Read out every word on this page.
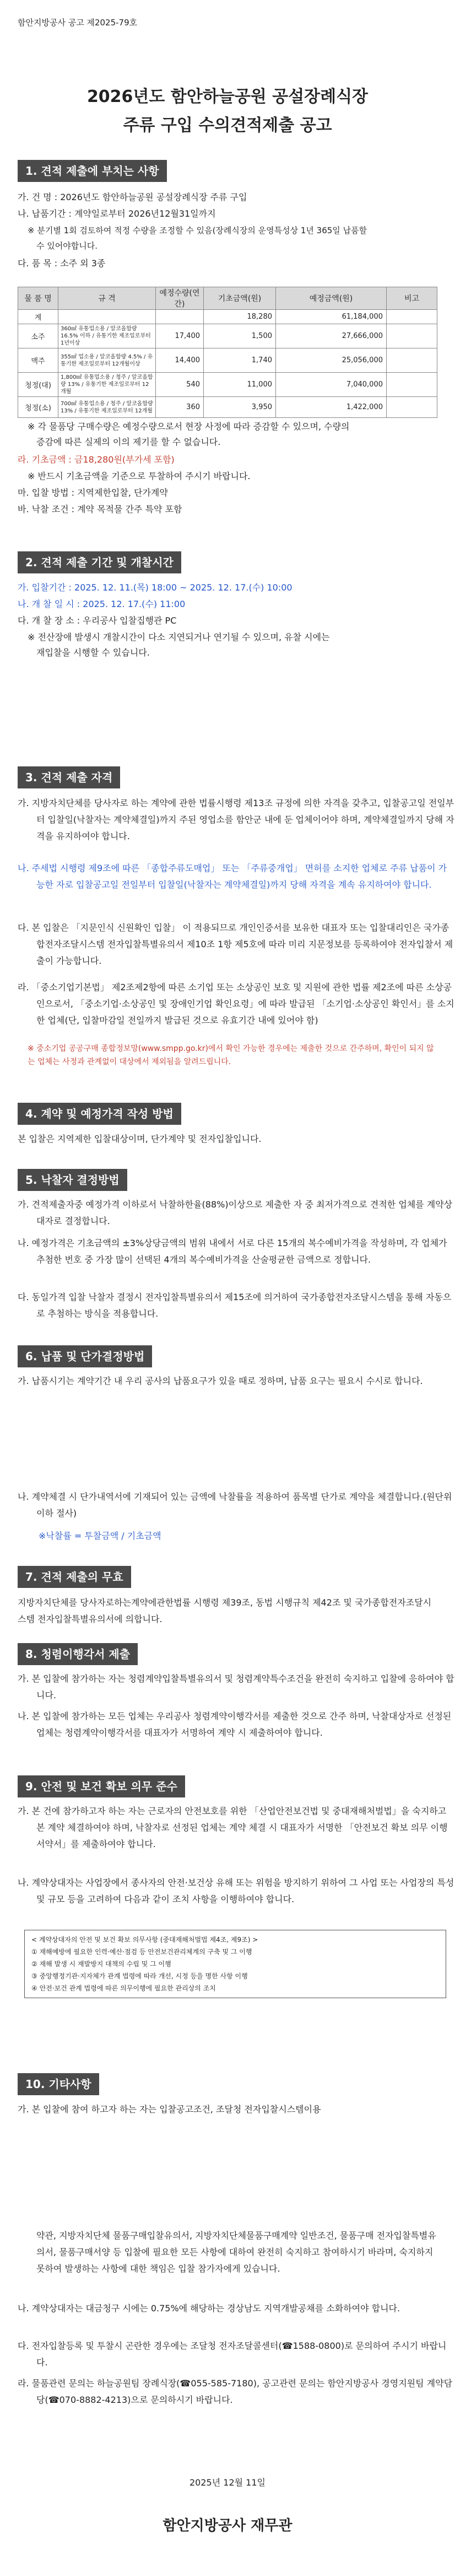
함안지방공사 공고 제2025-79호
2026년도 함안하늘공원 공설장례식장
주류 구입 수의견적제출 공고
1. 견적 제출에 부치는 사항
가. 건 명 : 2026년도 함안하늘공원 공설장례식장 주류 구입
나. 납품기간 : 계약일로부터 2026년12월31일까지
※ 분기별 1회 검토하여 적정 수량을 조정할 수 있음(장례식장의 운영특성상 1년 365일 납품할
수 있어야합니다.
다. 품 목 : 소주 외 3종
물 품 명	규 격	예정수량(연간)	기초금액(원)	예정금액(원)	비고
계			18,280	61,184,000	
소주	360㎖ 유통업소용 / 알코올함량 16.5% 이하 / 유통기한 제조일로부터 1년이상	17,400	1,500	27,666,000	
맥주	355㎖ 업소용 / 알코올함량 4.5% / 유통기한 제조일로부터 12개월이상	14,400	1,740	25,056,000	
청정(대)	1,800㎖ 유통업소용 / 청주 / 알코올함량 13% / 유통기한 제조일로부터 12개월	540	11,000	7,040,000	
청정(소)	700㎖ 유통업소용 / 청주 / 알코올함량 13% / 유통기한 제조일로부터 12개월	360	3,950	1,422,000	
※ 각 물품당 구매수량은 예정수량으로서 현장 사정에 따라 증감할 수 있으며, 수량의
증감에 따른 실제의 이의 제기를 할 수 없습니다.
라. 기초금액 : 금18,280원(부가세 포함)
※ 반드시 기초금액을 기준으로 투찰하여 주시기 바랍니다.
마. 입찰 방법 : 지역제한입찰, 단가계약
바. 낙찰 조건 : 계약 목적물 간주 특약 포함
2. 견적 제출 기간 및 개찰시간
가. 입찰기간 : 2025. 12. 11.(목) 18:00 ~ 2025. 12. 17.(수) 10:00
나. 개 찰 일 시 : 2025. 12. 17.(수) 11:00
다. 개 찰 장 소 : 우리공사 입찰집행관 PC
※ 전산장애 발생시 개찰시간이 다소 지연되거나 연기될 수 있으며, 유찰 시에는
재입찰을 시행할 수 있습니다.
3. 견적 제출 자격
가. 지방자치단체를 당사자로 하는 계약에 관한 법률시행령 제13조 규정에 의한 자격을 갖추고, 입찰공고일 전일부터 입찰일(낙찰자는 계약체결일)까지 주된 영업소를 함안군 내에 둔 업체이어야 하며, 계약체결일까지 당해 자격을 유지하여야 합니다.
나. 주세법 시행령 제9조에 따른 「종합주류도매업」 또는 「주류중개업」 면허를 소지한 업체로 주류 납품이 가능한 자로 입찰공고일 전일부터 입찰일(낙찰자는 계약체결일)까지 당해 자격을 계속 유지하여야 합니다.
다. 본 입찰은 「지문인식 신원확인 입찰」 이 적용되므로 개인인증서를 보유한 대표자 또는 입찰대리인은 국가종합전자조달시스템 전자입찰특별유의서 제10조 1항 제5호에 따라 미리 지문정보를 등록하여야 전자입찰서 제출이 가능합니다.
라. 「중소기업기본법」 제2조제2항에 따른 소기업 또는 소상공인 보호 및 지원에 관한 법률 제2조에 따른 소상공인으로서, 「중소기업·소상공인 및 장애인기업 확인요령」에 따라 발급된 「소기업·소상공인 확인서」를 소지한 업체(단, 입찰마감일 전일까지 발급된 것으로 유효기간 내에 있어야 함)
※ 중소기업 공공구매 종합정보망(www.smpp.go.kr)에서 확인 가능한 경우에는 제출한 것으로 간주하며, 확인이 되지 않는 업체는 사정과 관계없이 대상에서 제외됨을 알려드립니다.
4. 계약 및 예정가격 작성 방법
본 입찰은 지역제한 입찰대상이며, 단가계약 및 전자입찰입니다.
5. 낙찰자 결정방법
가. 견적제출자중 예정가격 이하로서 낙찰하한율(88%)이상으로 제출한 자 중 최저가격으로 견적한 업체를 계약상대자로 결정합니다.
나. 예정가격은 기초금액의 ±3%상당금액의 범위 내에서 서로 다른 15개의 복수예비가격을 작성하며, 각 업체가 추첨한 번호 중 가장 많이 선택된 4개의 복수예비가격을 산술평균한 금액으로 정합니다.
다. 동일가격 입찰 낙찰자 결정시 전자입찰특별유의서 제15조에 의거하여 국가종합전자조달시스템을 통해 자동으로 추첨하는 방식을 적용합니다.
6. 납품 및 단가결정방법
가. 납품시기는 계약기간 내 우리 공사의 납품요구가 있을 때로 정하며, 납품 요구는 필요시 수시로 합니다.
나. 계약체결 시 단가내역서에 기재되어 있는 금액에 낙찰률을 적용하여 품목별 단가로 계약을 체결합니다.(원단위이하 절사)
※낙찰률 = 투찰금액 / 기초금액
7. 견적 제출의 무효
지방자치단체를 당사자로하는계약에관한법률 시행령 제39조, 동법 시행규칙 제42조 및 국가종합전자조달시스템 전자입찰특별유의서에 의합니다.
8. 청렴이행각서 제출
가. 본 입찰에 참가하는 자는 청렴계약입찰특별유의서 및 청렴계약특수조건을 완전히 숙지하고 입찰에 응하여야 합니다.
나. 본 입찰에 참가하는 모든 업체는 우리공사 청렴계약이행각서를 제출한 것으로 간주 하며, 낙찰대상자로 선정된 업체는 청렴계약이행각서를 대표자가 서명하여 계약 시 제출하여야 합니다.
9. 안전 및 보건 확보 의무 준수
가. 본 건에 참가하고자 하는 자는 근로자의 안전보호를 위한 「산업안전보건법 및 중대재해처벌법」을 숙지하고 본 계약 체결하여야 하며, 낙찰자로 선정된 업체는 계약 체결 시 대표자가 서명한 「안전보건 확보 의무 이행서약서」를 제출하여야 합니다.
나. 계약상대자는 사업장에서 종사자의 안전·보건상 유해 또는 위험을 방지하기 위하여 그 사업 또는 사업장의 특성 및 규모 등을 고려하여 다음과 같이 조치 사항을 이행하여야 합니다.
< 계약상대자의 안전 및 보건 확보 의무사항 (중대재해처벌법 제4조, 제9조) >
① 재해예방에 필요한 인력·예산·점검 등 안전보건관리체계의 구축 및 그 이행
② 재해 발생 시 재발방지 대책의 수립 및 그 이행
③ 중앙행정기관·지자체가 관계 법령에 따라 개선, 시정 등을 명한 사항 이행
④ 안전·보건 관계 법령에 따른 의무이행에 필요한 관리상의 조치
10. 기타사항
가. 본 입찰에 참여 하고자 하는 자는 입찰공고조건, 조달청 전자입찰시스템이용
약관, 지방자치단체 물품구매입찰유의서, 지방자치단체물품구매계약 일반조건, 물품구매 전자입찰특별유의서, 물품구매서양 등 입찰에 필요한 모든 사항에 대하여 완전히 숙지하고 참여하시기 바라며, 숙지하지 못하여 발생하는 사항에 대한 책임은 입찰 참가자에게 있습니다.
나. 계약상대자는 대금청구 시에는 0.75%에 해당하는 경상남도 지역개발공채를 소화하여야 합니다.
다. 전자입찰등록 및 투찰시 곤란한 경우에는 조달청 전자조달콜센터(☎1588-0800)로 문의하여 주시기 바랍니다.
라. 물품관련 문의는 하늘공원팀 장례식장(☎055-585-7180), 공고관련 문의는 함안지방공사 경영지원팀 계약담당(☎070-8882-4213)으로 문의하시기 바랍니다.
2025년 12월 11일
함안지방공사 재무관
